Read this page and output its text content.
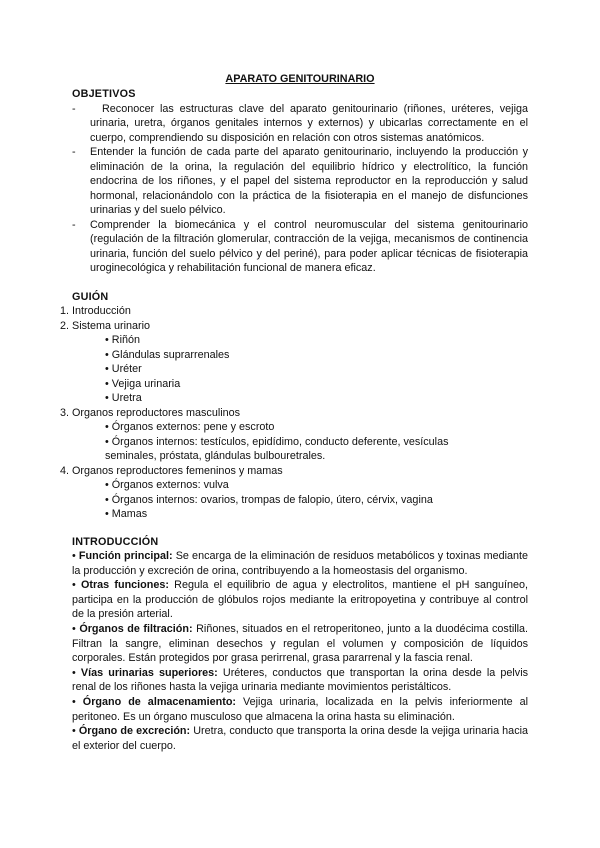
APARATO GENITOURINARIO

OBJETIVOS

-	Reconocer las estructuras clave del aparato genitourinario (riñones, uréteres, vejiga urinaria, uretra, órganos genitales internos y externos) y ubicarlas correctamente en el cuerpo, comprendiendo su disposición en relación con otros sistemas anatómicos.
- Entender la función de cada parte del aparato genitourinario, incluyendo la producción y eliminación de la orina, la regulación del equilibrio hídrico y electrolítico, la función endocrina de los riñones, y el papel del sistema reproductor en la reproducción y salud hormonal, relacionándolo con la práctica de la fisioterapia en el manejo de disfunciones urinarias y del suelo pélvico.
- Comprender la biomecánica y el control neuromuscular del sistema genitourinario (regulación de la filtración glomerular, contracción de la vejiga, mecanismos de continencia urinaria, función del suelo pélvico y del periné), para poder aplicar técnicas de fisioterapia uroginecológica y rehabilitación funcional de manera eficaz.

GUIÓN

1. Introducción

2. Sistema urinario

• Riñón

• Glándulas suprarrenales

• Uréter

• Vejiga urinaria

• Uretra

3. Organos reproductores masculinos

• Órganos externos: pene y escroto

• Órganos internos: testículos, epidídimo, conducto deferente, vesículas

seminales, próstata, glándulas bulbouretrales.

4. Organos reproductores femeninos y mamas

• Órganos externos: vulva

• Órganos internos: ovarios, trompas de falopio, útero, cérvix, vagina

• Mamas

INTRODUCCIÓN

• Función principal: Se encarga de la eliminación de residuos metabólicos y toxinas mediante la producción y excreción de orina, contribuyendo a la homeostasis del organismo.

• Otras funciones: Regula el equilibrio de agua y electrolitos, mantiene el pH sanguíneo, participa en la producción de glóbulos rojos mediante la eritropoyetina y contribuye al control de la presión arterial.

• Órganos de filtración: Riñones, situados en el retroperitoneo, junto a la duodécima costilla. Filtran la sangre, eliminan desechos y regulan el volumen y composición de líquidos corporales. Están protegidos por grasa perirrenal, grasa pararrenal y la fascia renal.

• Vías urinarias superiores: Uréteres, conductos que transportan la orina desde la pelvis renal de los riñones hasta la vejiga urinaria mediante movimientos peristálticos.

• Órgano de almacenamiento: Vejiga urinaria, localizada en la pelvis inferiormente al peritoneo. Es un órgano musculoso que almacena la orina hasta su eliminación.

• Órgano de excreción: Uretra, conducto que transporta la orina desde la vejiga urinaria hacia el exterior del cuerpo.
